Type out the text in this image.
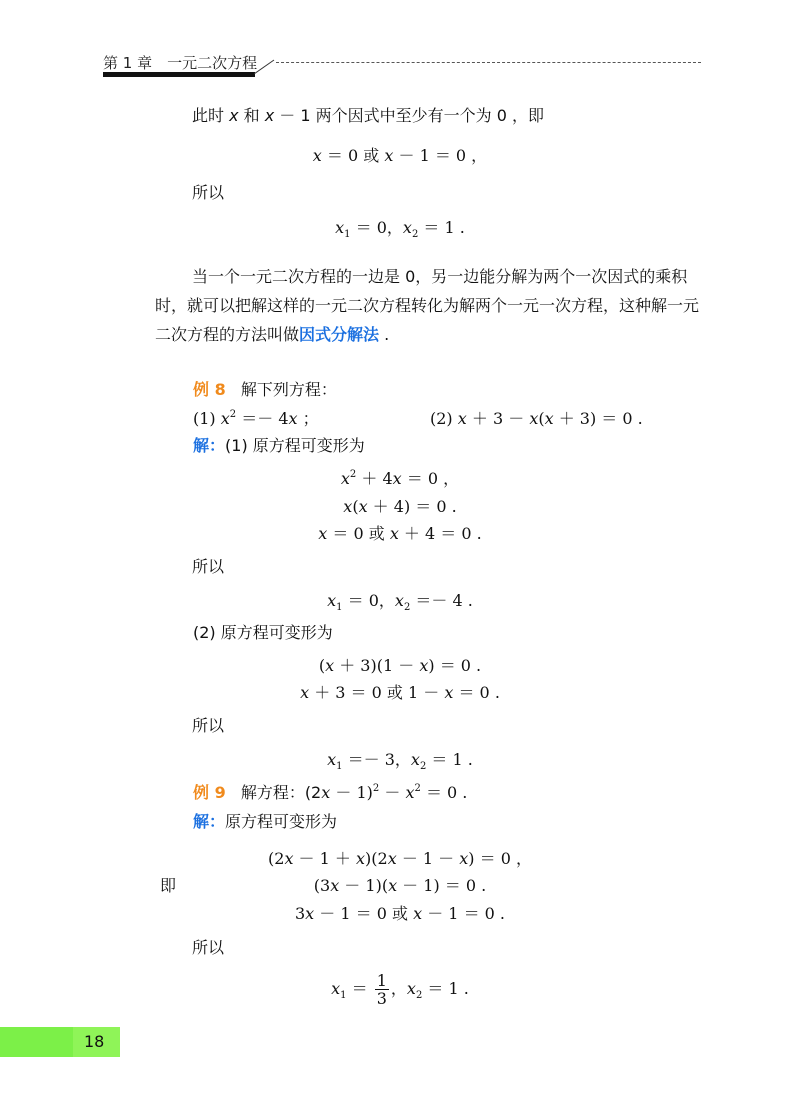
第 1 章　一元二次方程
此时 x 和 x － 1 两个因式中至少有一个为 0 ，即
x ＝ 0 或 x － 1 ＝ 0 ，
所以
$x_1 = 0$，$x_2 = 1$ .
当一个一元二次方程的一边是 0，另一边能分解为两个一次因式的乘积时，就可以把解这样的一元二次方程转化为解两个一元一次方程，这种解一元二次方程的方法叫做因式分解法 .
例 8 解下列方程：
(1) $x^2 =- 4x$ ；	(2) x ＋ 3 － x(x ＋ 3) ＝ 0 .
解：(1) 原方程可变形为
$x^2 + 4x = 0$ ，
x(x ＋ 4) ＝ 0 .
x ＝ 0 或 x ＋ 4 ＝ 0 .
所以
$x_1 = 0$，$x_2 =- 4$ .
(2) 原方程可变形为
(x ＋ 3)(1 － x) ＝ 0 .
x ＋ 3 ＝ 0 或 1 － x ＝ 0 .
所以
$x_1 =- 3$，$x_2 = 1$ .
例 9 解方程：$(2x - 1)^2 - x^2 = 0$ .
解：原方程可变形为
(2x － 1 ＋ x)(2x － 1 － x) ＝ 0 ，
即	(3x － 1)(x － 1) ＝ 0 .
3x － 1 ＝ 0 或 x － 1 ＝ 0 .
所以
$x_1 = \frac{1}{3}$ ，$x_2 = 1$ .
18
